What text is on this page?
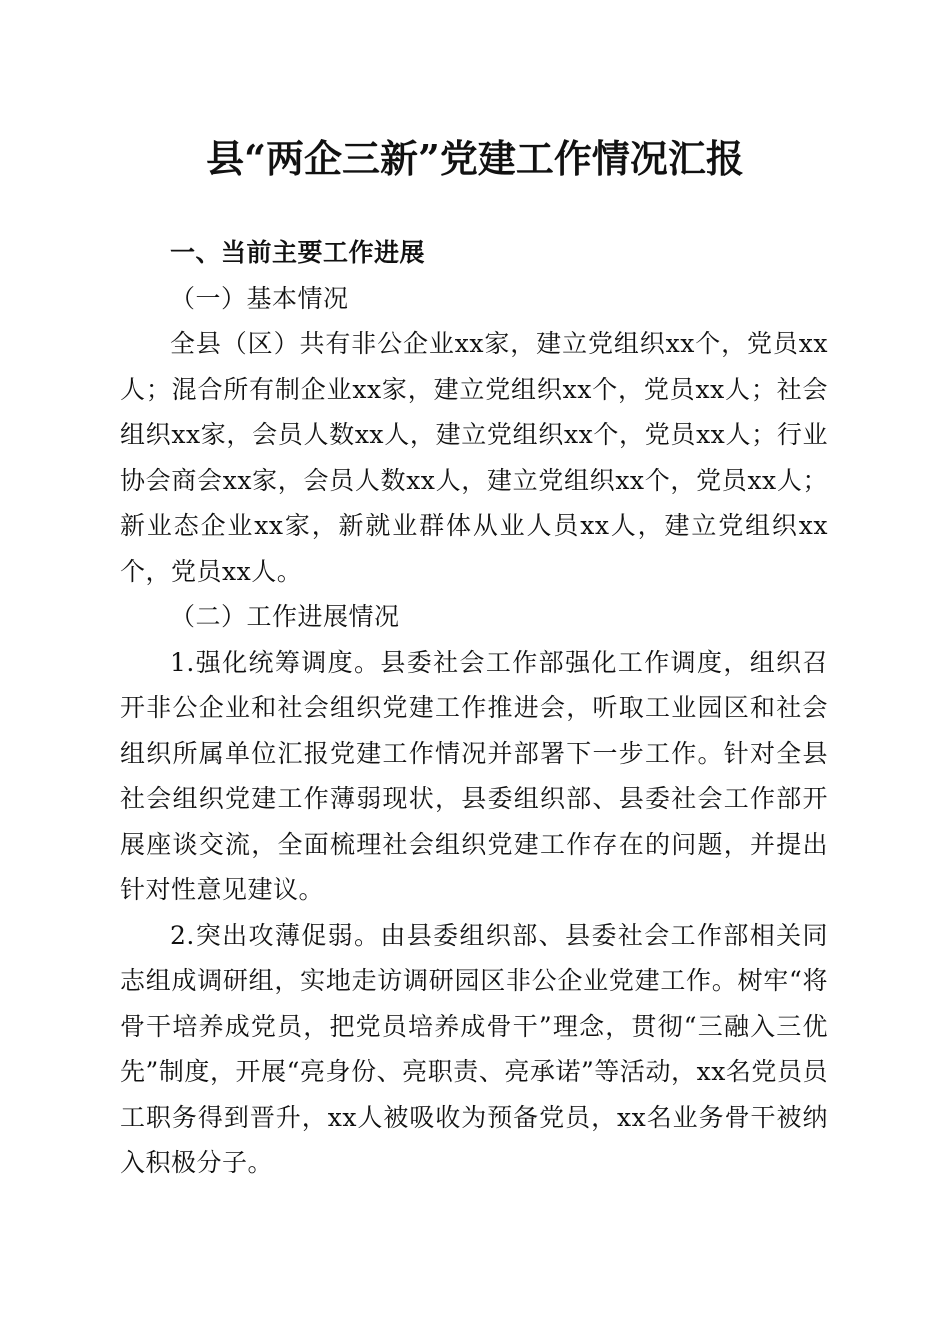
县“两企三新”党建工作情况汇报

一、当前主要工作进展

（一）基本情况

全县（区）共有非公企业xx家，建立党组织xx个，党员xx人；混合所有制企业xx家，建立党组织xx个，党员xx人；社会组织xx家，会员人数xx人，建立党组织xx个，党员xx人；行业协会商会xx家，会员人数xx人，建立党组织xx个，党员xx人；新业态企业xx家，新就业群体从业人员xx人，建立党组织xx个，党员xx人。

（二）工作进展情况

1.强化统筹调度。县委社会工作部强化工作调度，组织召开非公企业和社会组织党建工作推进会，听取工业园区和社会组织所属单位汇报党建工作情况并部署下一步工作。针对全县社会组织党建工作薄弱现状，县委组织部、县委社会工作部开展座谈交流，全面梳理社会组织党建工作存在的问题，并提出针对性意见建议。

2.突出攻薄促弱。由县委组织部、县委社会工作部相关同志组成调研组，实地走访调研园区非公企业党建工作。树牢“将骨干培养成党员，把党员培养成骨干”理念，贯彻“三融入三优先”制度，开展“亮身份、亮职责、亮承诺”等活动，xx名党员员工职务得到晋升，xx人被吸收为预备党员，xx名业务骨干被纳入积极分子。
